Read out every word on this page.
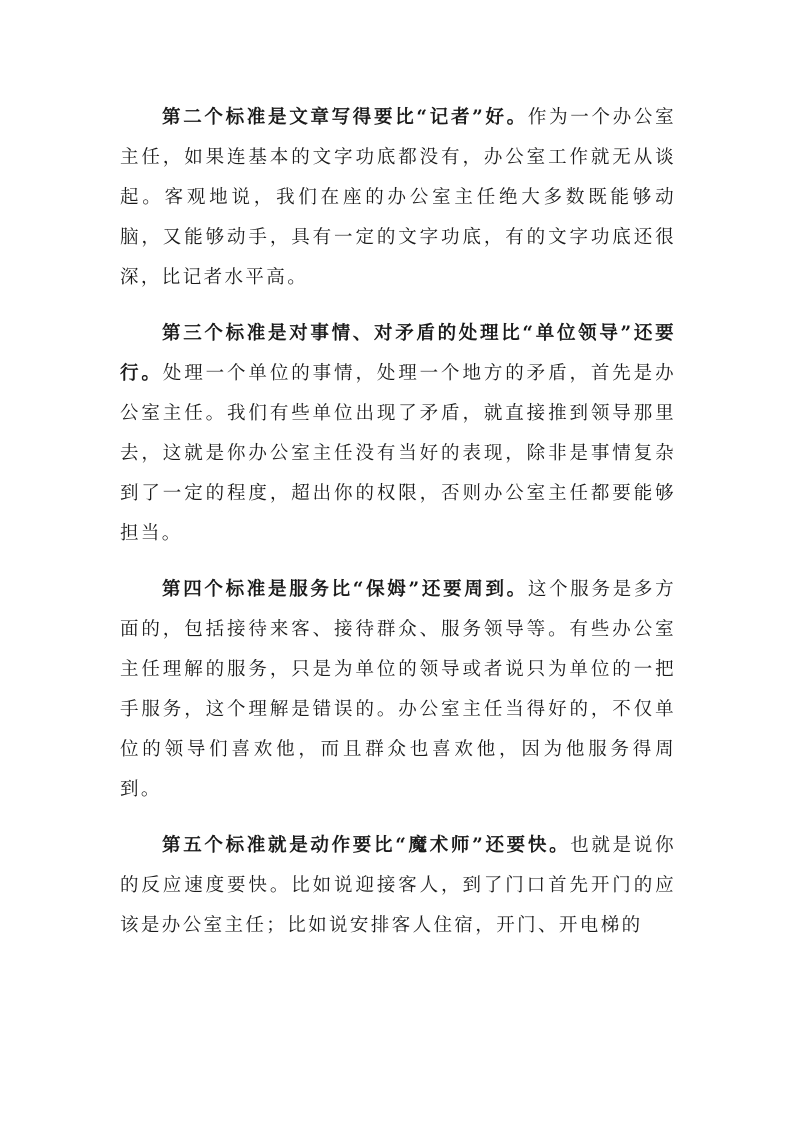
第二个标准是文章写得要比“记者”好。作为一个办公室主任，如果连基本的文字功底都没有，办公室工作就无从谈起。客观地说，我们在座的办公室主任绝大多数既能够动脑，又能够动手，具有一定的文字功底，有的文字功底还很深，比记者水平高。

第三个标准是对事情、对矛盾的处理比“单位领导”还要行。处理一个单位的事情，处理一个地方的矛盾，首先是办公室主任。我们有些单位出现了矛盾，就直接推到领导那里去，这就是你办公室主任没有当好的表现，除非是事情复杂到了一定的程度，超出你的权限，否则办公室主任都要能够担当。

第四个标准是服务比“保姆”还要周到。这个服务是多方面的，包括接待来客、接待群众、服务领导等。有些办公室主任理解的服务，只是为单位的领导或者说只为单位的一把手服务，这个理解是错误的。办公室主任当得好的，不仅单位的领导们喜欢他，而且群众也喜欢他，因为他服务得周到。

第五个标准就是动作要比“魔术师”还要快。也就是说你的反应速度要快。比如说迎接客人，到了门口首先开门的应该是办公室主任；比如说安排客人住宿，开门、开电梯的
